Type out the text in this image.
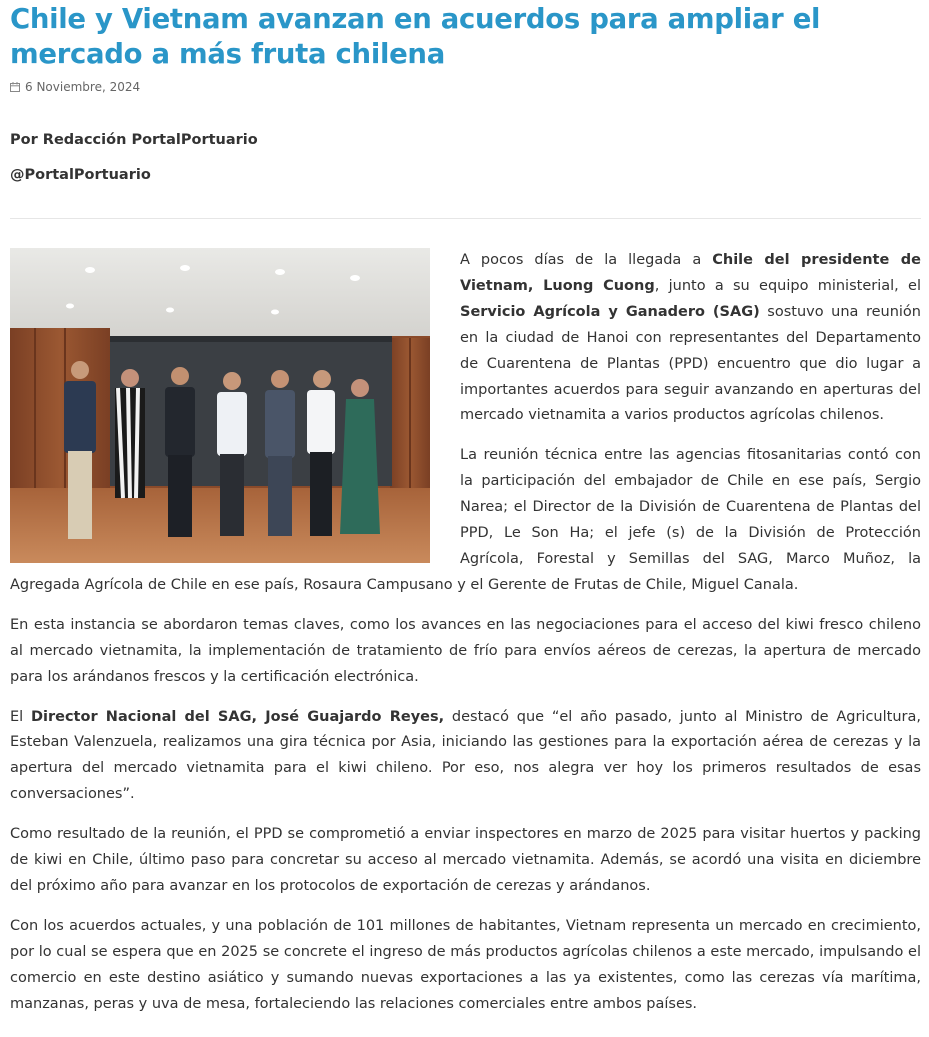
Chile y Vietnam avanzan en acuerdos para ampliar el mercado a más fruta chilena
6 Noviembre, 2024
Por Redacción PortalPortuario
@PortalPortuario

A pocos días de la llegada a Chile del presidente de Vietnam, Luong Cuong, junto a su equipo ministerial, el Servicio Agrícola y Ganadero (SAG) sostuvo una reunión en la ciudad de Hanoi con representantes del Departamento de Cuarentena de Plantas (PPD) encuentro que dio lugar a importantes acuerdos para seguir avanzando en aperturas del mercado vietnamita a varios productos agrícolas chilenos.

La reunión técnica entre las agencias fitosanitarias contó con la participación del embajador de Chile en ese país, Sergio Narea; el Director de la División de Cuarentena de Plantas del PPD, Le Son Ha; el jefe (s) de la División de Protección Agrícola, Forestal y Semillas del SAG, Marco Muñoz, la Agregada Agrícola de Chile en ese país, Rosaura Campusano y el Gerente de Frutas de Chile, Miguel Canala.

En esta instancia se abordaron temas claves, como los avances en las negociaciones para el acceso del kiwi fresco chileno al mercado vietnamita, la implementación de tratamiento de frío para envíos aéreos de cerezas, la apertura de mercado para los arándanos frescos y la certificación electrónica.

El Director Nacional del SAG, José Guajardo Reyes, destacó que “el año pasado, junto al Ministro de Agricultura, Esteban Valenzuela, realizamos una gira técnica por Asia, iniciando las gestiones para la exportación aérea de cerezas y la apertura del mercado vietnamita para el kiwi chileno. Por eso, nos alegra ver hoy los primeros resultados de esas conversaciones”.

Como resultado de la reunión, el PPD se comprometió a enviar inspectores en marzo de 2025 para visitar huertos y packing de kiwi en Chile, último paso para concretar su acceso al mercado vietnamita. Además, se acordó una visita en diciembre del próximo año para avanzar en los protocolos de exportación de cerezas y arándanos.

Con los acuerdos actuales, y una población de 101 millones de habitantes, Vietnam representa un mercado en crecimiento, por lo cual se espera que en 2025 se concrete el ingreso de más productos agrícolas chilenos a este mercado, impulsando el comercio en este destino asiático y sumando nuevas exportaciones a las ya existentes, como las cerezas vía marítima, manzanas, peras y uva de mesa, fortaleciendo las relaciones comerciales entre ambos países.
